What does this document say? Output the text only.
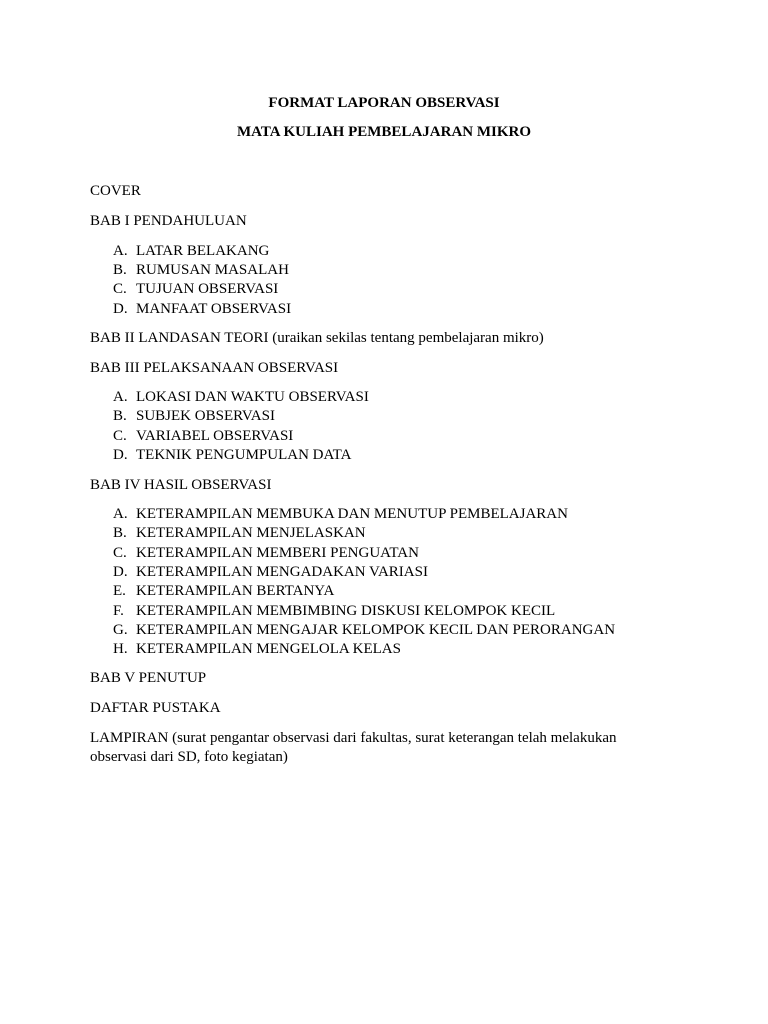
FORMAT LAPORAN OBSERVASI
MATA KULIAH PEMBELAJARAN MIKRO
COVER
BAB I PENDAHULUAN
A. LATAR BELAKANG
B. RUMUSAN MASALAH
C. TUJUAN OBSERVASI
D. MANFAAT OBSERVASI
BAB II LANDASAN TEORI (uraikan sekilas tentang pembelajaran mikro)
BAB III PELAKSANAAN OBSERVASI
A. LOKASI DAN WAKTU OBSERVASI
B. SUBJEK OBSERVASI
C. VARIABEL OBSERVASI
D. TEKNIK PENGUMPULAN DATA
BAB IV HASIL OBSERVASI
A. KETERAMPILAN MEMBUKA DAN MENUTUP PEMBELAJARAN
B. KETERAMPILAN MENJELASKAN
C. KETERAMPILAN MEMBERI PENGUATAN
D. KETERAMPILAN MENGADAKAN VARIASI
E. KETERAMPILAN BERTANYA
F. KETERAMPILAN MEMBIMBING DISKUSI KELOMPOK KECIL
G. KETERAMPILAN MENGAJAR KELOMPOK KECIL DAN PERORANGAN
H. KETERAMPILAN MENGELOLA KELAS
BAB V PENUTUP
DAFTAR PUSTAKA
LAMPIRAN (surat pengantar observasi dari fakultas, surat keterangan telah melakukan observasi dari SD, foto kegiatan)
